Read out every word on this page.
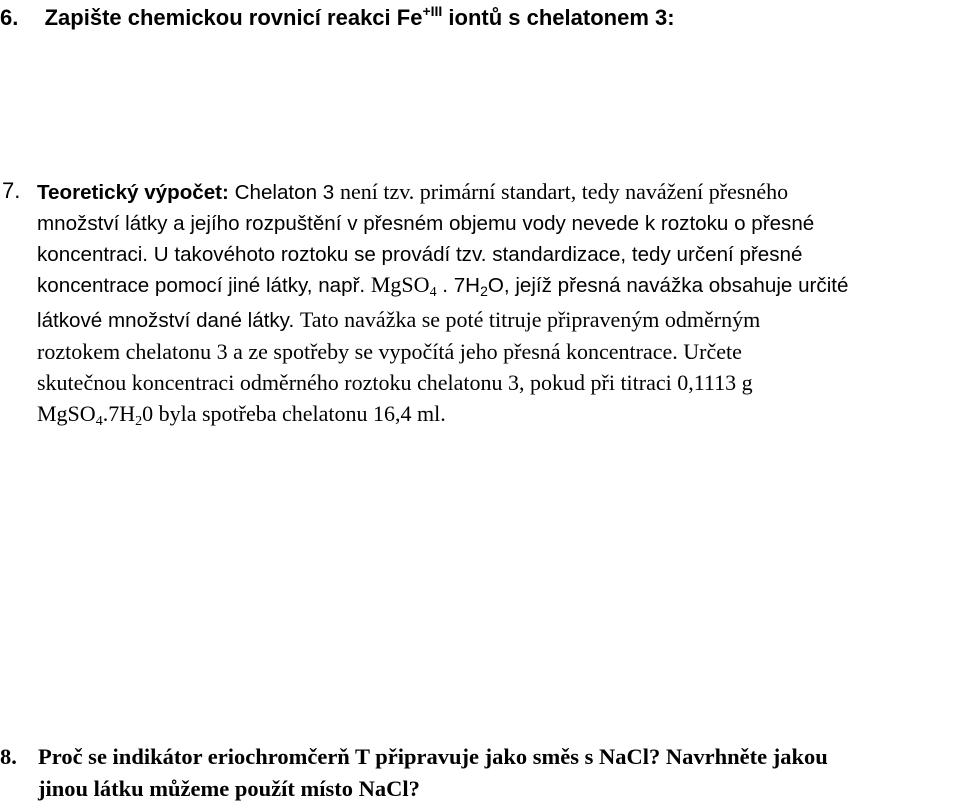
6. Zapište chemickou rovnicí reakci $Fe^{+III}$ iontů s chelatonem 3:
7. Teoretický výpočet: Chelaton 3 není tzv. primární standart, tedy navážení přesného
množství látky a jejího rozpuštění v přesném objemu vody nevede k roztoku o přesné
koncentraci. U takovéhoto roztoku se provádí tzv. standardizace, tedy určení přesné
koncentrace pomocí jiné látky, např. MgSO$_4$ . $7H_2O$, jejíž přesná navážka obsahuje určité
látkové množství dané látky. Tato navážka se poté titruje připraveným odměrným
roztokem chelatonu 3 a ze spotřeby se vypočítá jeho přesná koncentrace. Určete
skutečnou koncentraci odměrného roztoku chelatonu 3, pokud při titraci 0,1113 g
$MgSO_4.7H_20$ byla spotřeba chelatonu 16,4 ml.
8. Proč se indikátor eriochromčerň T připravuje jako směs s NaCl? Navrhněte jakou
jinou látku můžeme použít místo NaCl?
